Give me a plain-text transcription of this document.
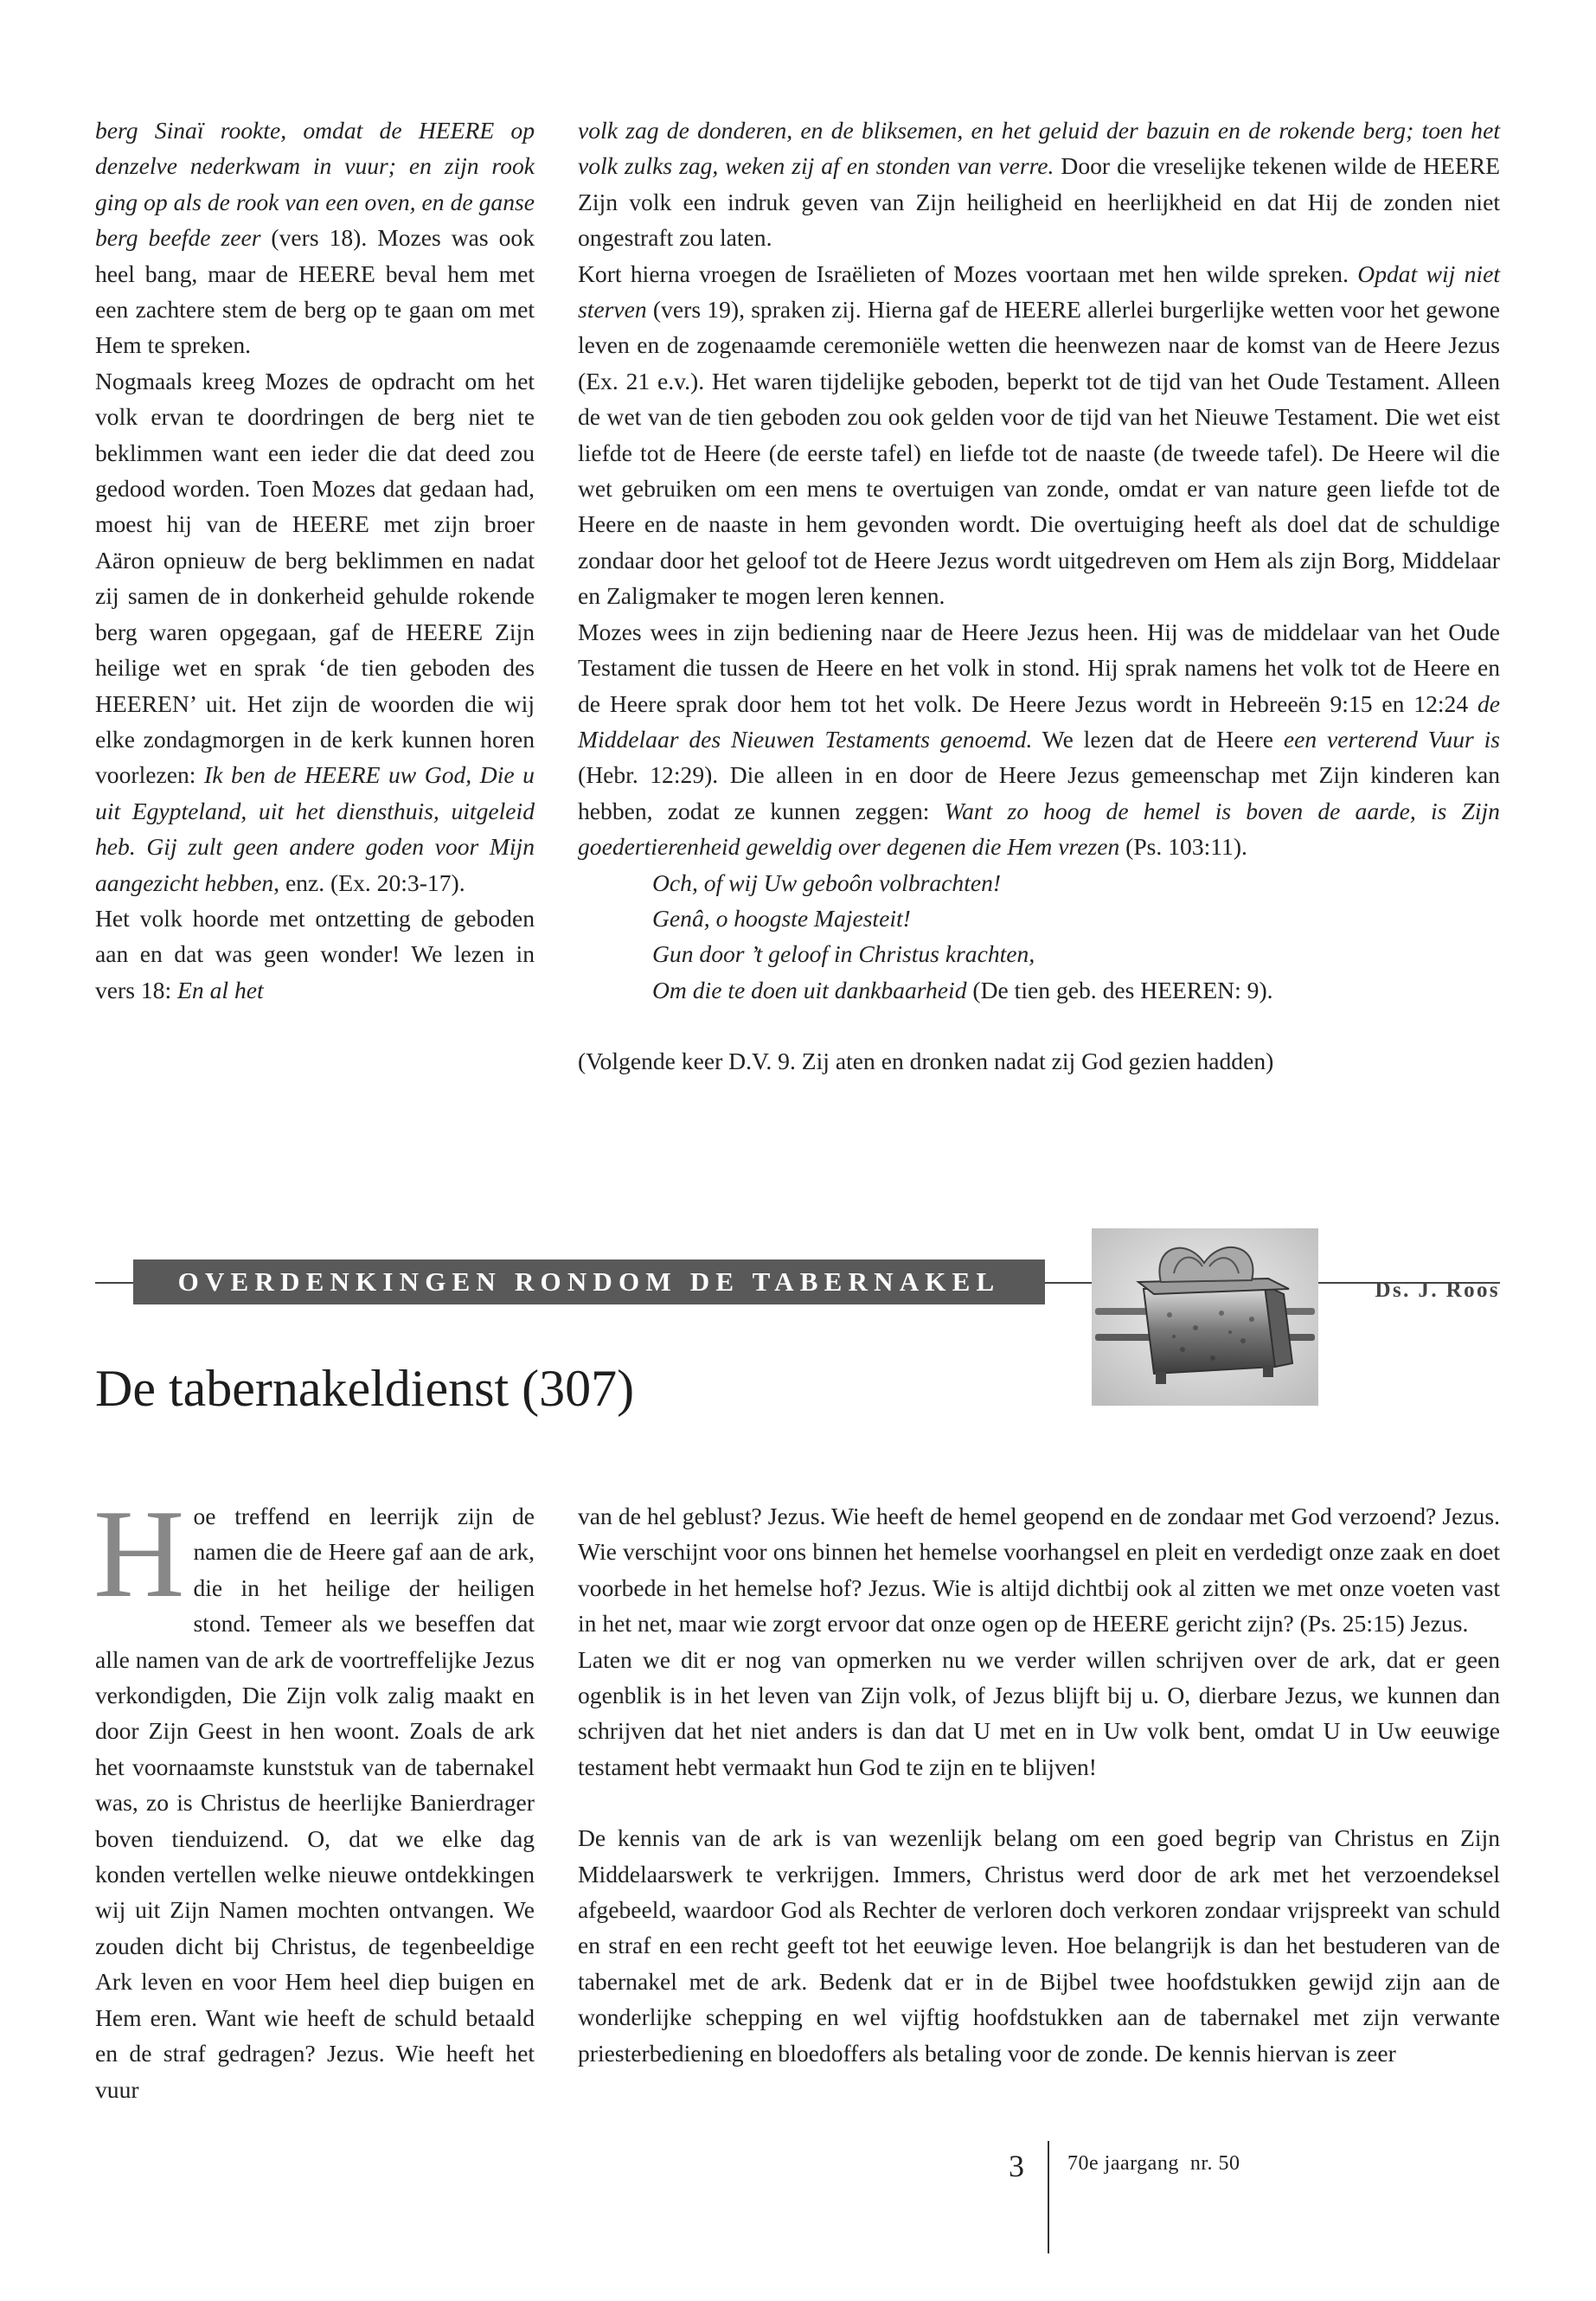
berg Sinaï rookte, omdat de HEERE op denzelve nederkwam in vuur; en zijn rook ging op als de rook van een oven, en de ganse berg beefde zeer (vers 18). Mozes was ook heel bang, maar de HEERE beval hem met een zachtere stem de berg op te gaan om met Hem te spreken.

Nogmaals kreeg Mozes de opdracht om het volk ervan te doordringen de berg niet te beklimmen want een ieder die dat deed zou gedood worden. Toen Mozes dat gedaan had, moest hij van de HEERE met zijn broer Aäron opnieuw de berg beklimmen en nadat zij samen de in donkerheid gehulde rokende berg waren opgegaan, gaf de HEERE Zijn heilige wet en sprak ‘de tien geboden des HEEREN’ uit. Het zijn de woorden die wij elke zondagmorgen in de kerk kunnen horen voorlezen: Ik ben de HEERE uw God, Die u uit Egypteland, uit het diensthuis, uitgeleid heb. Gij zult geen andere goden voor Mijn aangezicht hebben, enz. (Ex. 20:3-17).

Het volk hoorde met ontzetting de geboden aan en dat was geen wonder! We lezen in vers 18: En al het

volk zag de donderen, en de bliksemen, en het geluid der bazuin en de rokende berg; toen het volk zulks zag, weken zij af en stonden van verre. Door die vreselijke tekenen wilde de HEERE Zijn volk een indruk geven van Zijn heiligheid en heerlijkheid en dat Hij de zonden niet ongestraft zou laten.

Kort hierna vroegen de Israëlieten of Mozes voortaan met hen wilde spreken. Opdat wij niet sterven (vers 19), spraken zij. Hierna gaf de HEERE allerlei burgerlijke wetten voor het gewone leven en de zogenaamde ceremoniële wetten die heenwezen naar de komst van de Heere Jezus (Ex. 21 e.v.). Het waren tijdelijke geboden, beperkt tot de tijd van het Oude Testament. Alleen de wet van de tien geboden zou ook gelden voor de tijd van het Nieuwe Testament. Die wet eist liefde tot de Heere (de eerste tafel) en liefde tot de naaste (de tweede tafel). De Heere wil die wet gebruiken om een mens te overtuigen van zonde, omdat er van nature geen liefde tot de Heere en de naaste in hem gevonden wordt. Die overtuiging heeft als doel dat de schuldige zondaar door het geloof tot de Heere Jezus wordt uitgedreven om Hem als zijn Borg, Middelaar en Zaligmaker te mogen leren kennen.

Mozes wees in zijn bediening naar de Heere Jezus heen. Hij was de middelaar van het Oude Testament die tussen de Heere en het volk in stond. Hij sprak namens het volk tot de Heere en de Heere sprak door hem tot het volk. De Heere Jezus wordt in Hebreeën 9:15 en 12:24 de Middelaar des Nieuwen Testaments genoemd. We lezen dat de Heere een verterend Vuur is (Hebr. 12:29). Die alleen in en door de Heere Jezus gemeenschap met Zijn kinderen kan hebben, zodat ze kunnen zeggen: Want zo hoog de hemel is boven de aarde, is Zijn goedertierenheid geweldig over degenen die Hem vrezen (Ps. 103:11).

Och, of wij Uw geboôn volbrachten!
Genâ, o hoogste Majesteit!
Gun door ’t geloof in Christus krachten,
Om die te doen uit dankbaarheid (De tien geb. des HEEREN: 9).

(Volgende keer D.V. 9. Zij aten en dronken nadat zij God gezien hadden)

OVERDENKINGEN RONDOM DE TABERNAKEL	Ds. J. Roos
De tabernakeldienst (307)

Hoe treffend en leerrijk zijn de namen die de Heere gaf aan de ark, die in het heilige der heiligen stond. Temeer als we beseffen dat alle namen van de ark de voortreffelijke Jezus verkondigden, Die Zijn volk zalig maakt en door Zijn Geest in hen woont. Zoals de ark het voornaamste kunststuk van de tabernakel was, zo is Christus de heerlijke Banierdrager boven tienduizend. O, dat we elke dag konden vertellen welke nieuwe ontdekkingen wij uit Zijn Namen mochten ontvangen. We zouden dicht bij Christus, de tegenbeeldige Ark leven en voor Hem heel diep buigen en Hem eren. Want wie heeft de schuld betaald en de straf gedragen? Jezus. Wie heeft het vuur

van de hel geblust? Jezus. Wie heeft de hemel geopend en de zondaar met God verzoend? Jezus. Wie verschijnt voor ons binnen het hemelse voorhangsel en pleit en verdedigt onze zaak en doet voorbede in het hemelse hof? Jezus. Wie is altijd dichtbij ook al zitten we met onze voeten vast in het net, maar wie zorgt ervoor dat onze ogen op de HEERE gericht zijn? (Ps. 25:15) Jezus.

Laten we dit er nog van opmerken nu we verder willen schrijven over de ark, dat er geen ogenblik is in het leven van Zijn volk, of Jezus blijft bij u. O, dierbare Jezus, we kunnen dan schrijven dat het niet anders is dan dat U met en in Uw volk bent, omdat U in Uw eeuwige testament hebt vermaakt hun God te zijn en te blijven!

De kennis van de ark is van wezenlijk belang om een goed begrip van Christus en Zijn Middelaarswerk te verkrijgen. Immers, Christus werd door de ark met het verzoendeksel afgebeeld, waardoor God als Rechter de verloren doch verkoren zondaar vrijspreekt van schuld en straf en een recht geeft tot het eeuwige leven. Hoe belangrijk is dan het bestuderen van de tabernakel met de ark. Bedenk dat er in de Bijbel twee hoofdstukken gewijd zijn aan de wonderlijke schepping en wel vijftig hoofdstukken aan de tabernakel met zijn verwante priesterbediening en bloedoffers als betaling voor de zonde. De kennis hiervan is zeer

3 70e jaargang  nr. 50
